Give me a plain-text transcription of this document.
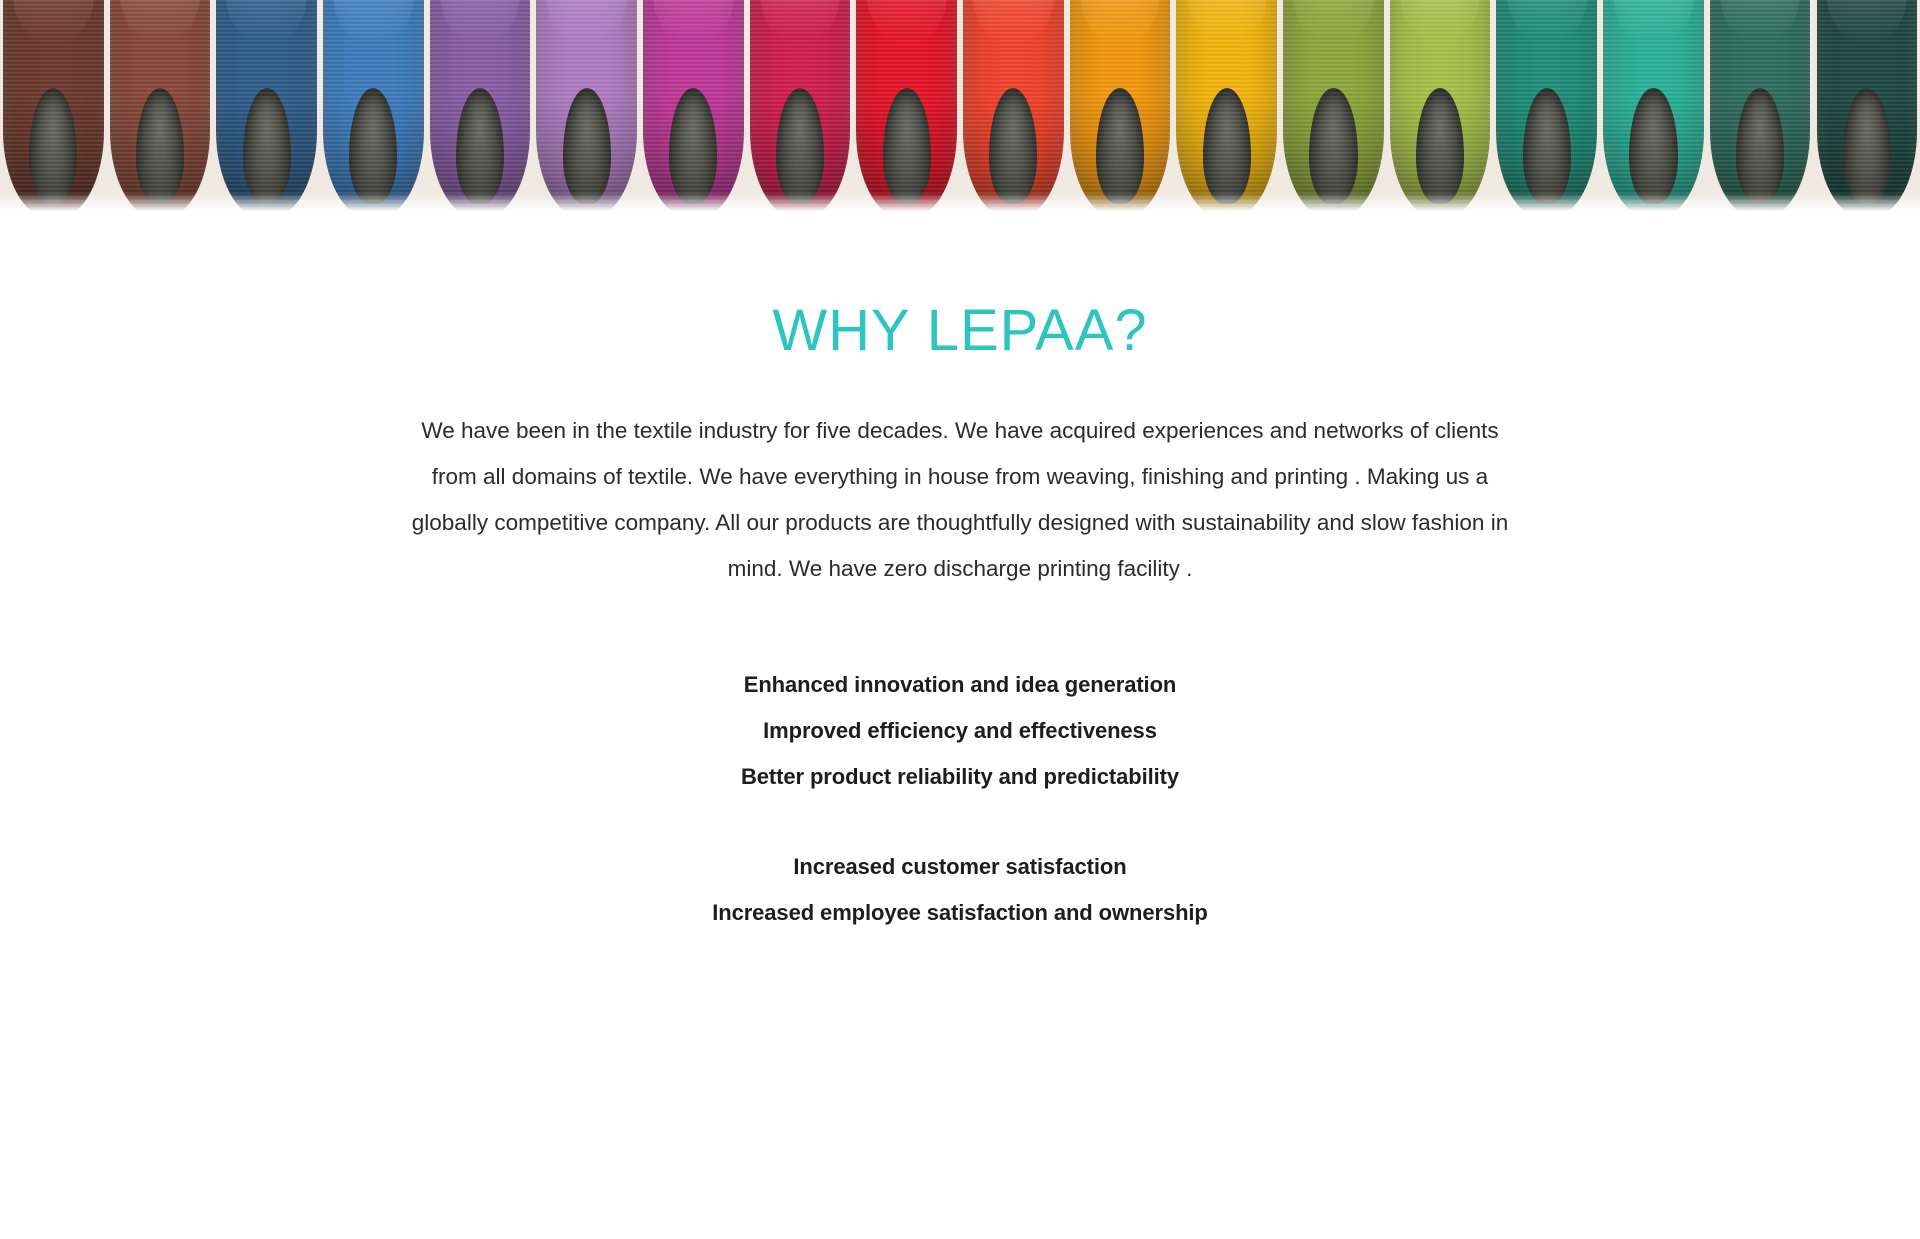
WHY LEPAA?

We have been in the textile industry for five decades. We have acquired experiences and networks of clients from all domains of textile. We have everything in house from weaving, finishing and printing . Making us a globally competitive company. All our products are thoughtfully designed with sustainability and slow fashion in mind. We have zero discharge printing facility .

Enhanced innovation and idea generation

Improved efficiency and effectiveness

Better product reliability and predictability

Increased customer satisfaction

Increased employee satisfaction and ownership
